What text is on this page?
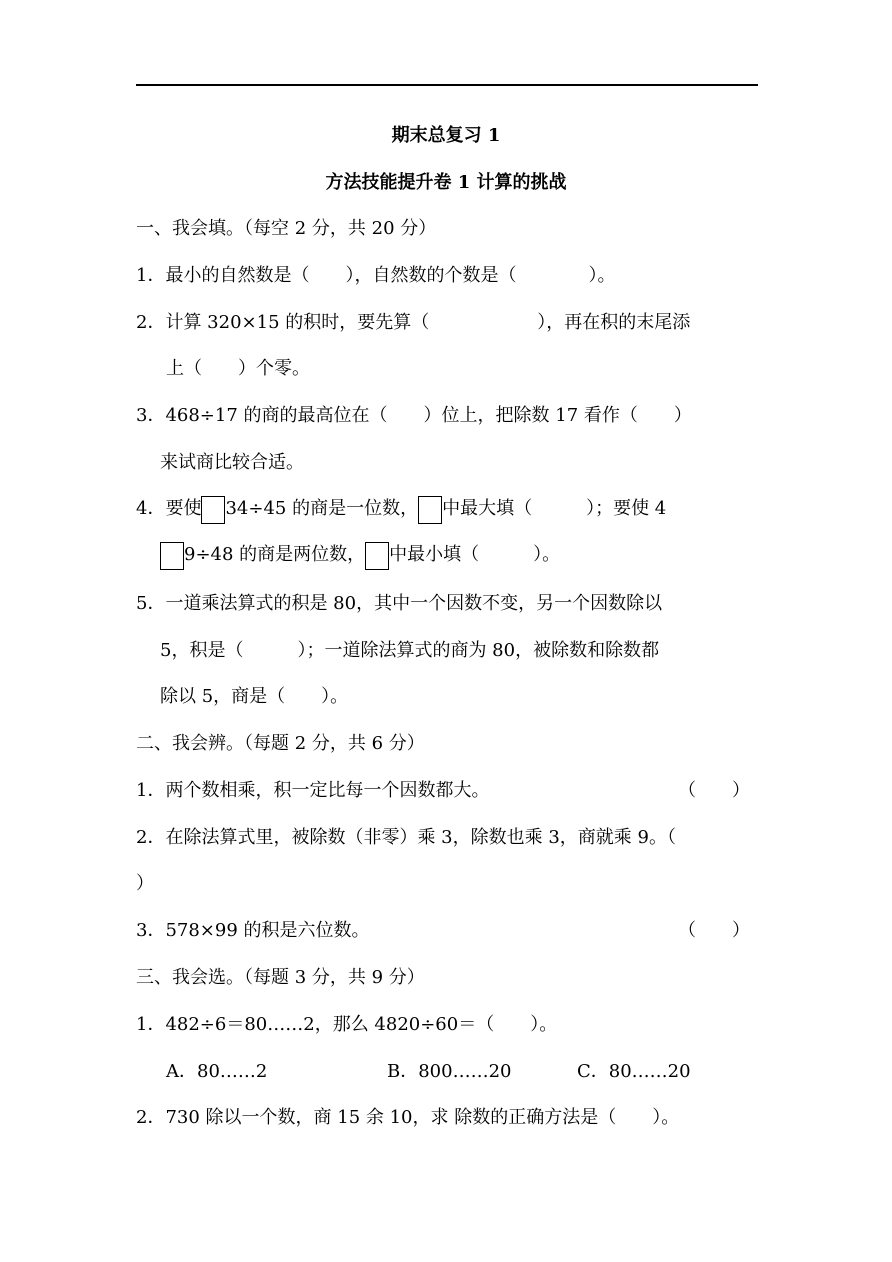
期末总复习 1
方法技能提升卷 1 计算的挑战
一、我会填。（每空 2 分，共 20 分）
1．最小的自然数是（　　），自然数的个数是（　　　　）。
2．计算 320×15 的积时，要先算（　　　　　　），再在积的末尾添
上（　　）个零。
3．468÷17 的商的最高位在（　　）位上，把除数 17 看作（　　）
来试商比较合适。
4．要使 34÷45 的商是一位数， 中最大填（　　　）；要使 4
9÷48 的商是两位数， 中最小填（　　　）。
5．一道乘法算式的积是 80，其中一个因数不变，另一个因数除以
5，积是（　　　）；一道除法算式的商为 80，被除数和除数都
除以 5，商是（　　）。
二、我会辨。（每题 2 分，共 6 分）
1．两个数相乘，积一定比每一个因数都大。	（　　）
2．在除法算式里，被除数（非零）乘 3，除数也乘 3，商就乘 9。（
）
3．578×99 的积是六位数。	（　　）
三、我会选。（每题 3 分，共 9 分）
1．482÷6＝80……2，那么 4820÷60＝（　　）。
A．80……2	B．800……20	C．80……20
2．730 除以一个数，商 15 余 10，求 除数的正确方法是（　　）。
